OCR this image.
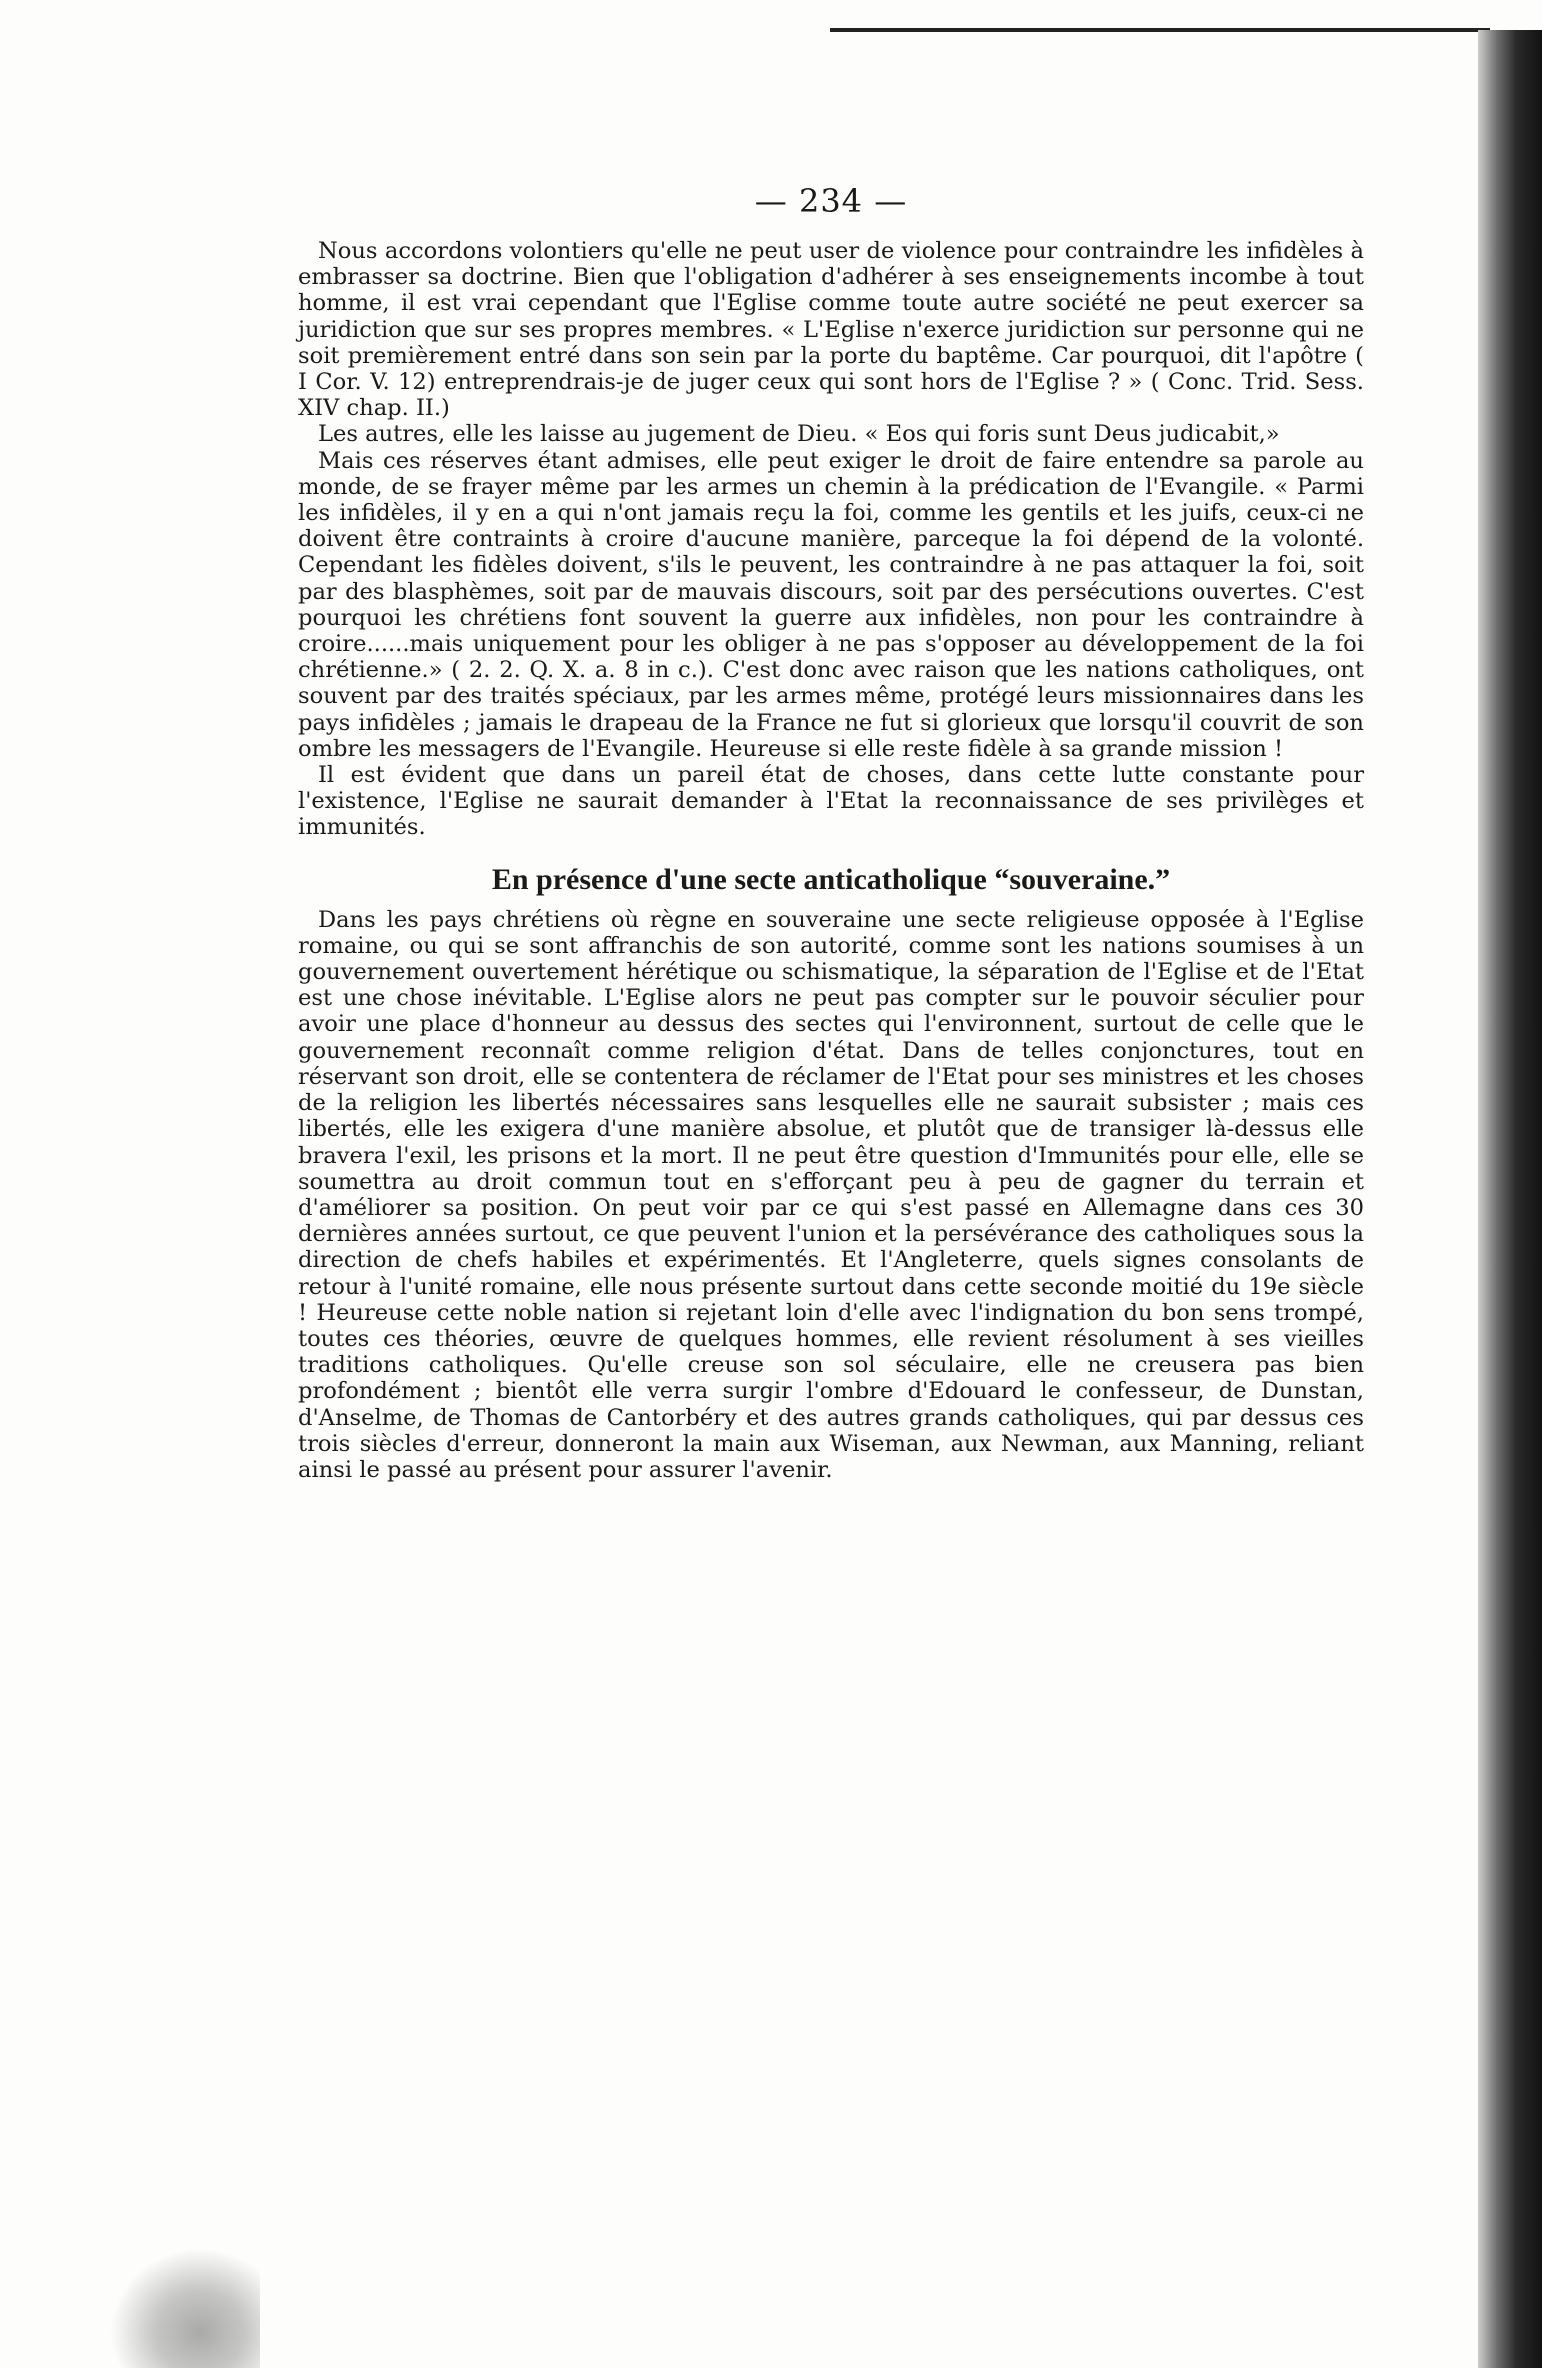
— 234 —

Nous accordons volontiers qu'elle ne peut user de violence pour contraindre les infidèles à embrasser sa doctrine. Bien que l'obligation d'adhérer à ses enseignements incombe à tout homme, il est vrai cependant que l'Eglise comme toute autre société ne peut exercer sa juridiction que sur ses propres membres. « L'Eglise n'exerce juridiction sur personne qui ne soit premièrement entré dans son sein par la porte du baptême. Car pourquoi, dit l'apôtre ( I Cor. V. 12) entreprendrais-je de juger ceux qui sont hors de l'Eglise ? » ( Conc. Trid. Sess. XIV chap. II.)

Les autres, elle les laisse au jugement de Dieu. « Eos qui foris sunt Deus judicabit,»

Mais ces réserves étant admises, elle peut exiger le droit de faire entendre sa parole au monde, de se frayer même par les armes un chemin à la prédication de l'Evangile. « Parmi les infidèles, il y en a qui n'ont jamais reçu la foi, comme les gentils et les juifs, ceux-ci ne doivent être contraints à croire d'aucune manière, parceque la foi dépend de la volonté. Cependant les fidèles doivent, s'ils le peuvent, les contraindre à ne pas attaquer la foi, soit par des blasphèmes, soit par de mauvais discours, soit par des persécutions ouvertes. C'est pourquoi les chrétiens font souvent la guerre aux infidèles, non pour les contraindre à croire......mais uniquement pour les obliger à ne pas s'opposer au développement de la foi chrétienne.» ( 2. 2. Q. X. a. 8 in c.). C'est donc avec raison que les nations catholiques, ont souvent par des traités spéciaux, par les armes même, protégé leurs missionnaires dans les pays infidèles ; jamais le drapeau de la France ne fut si glorieux que lorsqu'il couvrit de son ombre les messagers de l'Evangile. Heureuse si elle reste fidèle à sa grande mission !

Il est évident que dans un pareil état de choses, dans cette lutte constante pour l'existence, l'Eglise ne saurait demander à l'Etat la reconnaissance de ses privilèges et immunités.

En présence d'une secte anticatholique “souveraine.”

Dans les pays chrétiens où règne en souveraine une secte religieuse opposée à l'Eglise romaine, ou qui se sont affranchis de son autorité, comme sont les nations soumises à un gouvernement ouvertement hérétique ou schismatique, la séparation de l'Eglise et de l'Etat est une chose inévitable. L'Eglise alors ne peut pas compter sur le pouvoir séculier pour avoir une place d'honneur au dessus des sectes qui l'environnent, surtout de celle que le gouvernement reconnaît comme religion d'état. Dans de telles conjonctures, tout en réservant son droit, elle se contentera de réclamer de l'Etat pour ses ministres et les choses de la religion les libertés nécessaires sans lesquelles elle ne saurait subsister ; mais ces libertés, elle les exigera d'une manière absolue, et plutôt que de transiger là-dessus elle bravera l'exil, les prisons et la mort. Il ne peut être question d'Immunités pour elle, elle se soumettra au droit commun tout en s'efforçant peu à peu de gagner du terrain et d'améliorer sa position. On peut voir par ce qui s'est passé en Allemagne dans ces 30 dernières années surtout, ce que peuvent l'union et la persévérance des catholiques sous la direction de chefs habiles et expérimentés. Et l'Angleterre, quels signes consolants de retour à l'unité romaine, elle nous présente surtout dans cette seconde moitié du 19e siècle ! Heureuse cette noble nation si rejetant loin d'elle avec l'indignation du bon sens trompé, toutes ces théories, œuvre de quelques hommes, elle revient résolument à ses vieilles traditions catholiques. Qu'elle creuse son sol séculaire, elle ne creusera pas bien profondément ; bientôt elle verra surgir l'ombre d'Edouard le confesseur, de Dunstan, d'Anselme, de Thomas de Cantorbéry et des autres grands catholiques, qui par dessus ces trois siècles d'erreur, donneront la main aux Wiseman, aux Newman, aux Manning, reliant ainsi le passé au présent pour assurer l'avenir.
